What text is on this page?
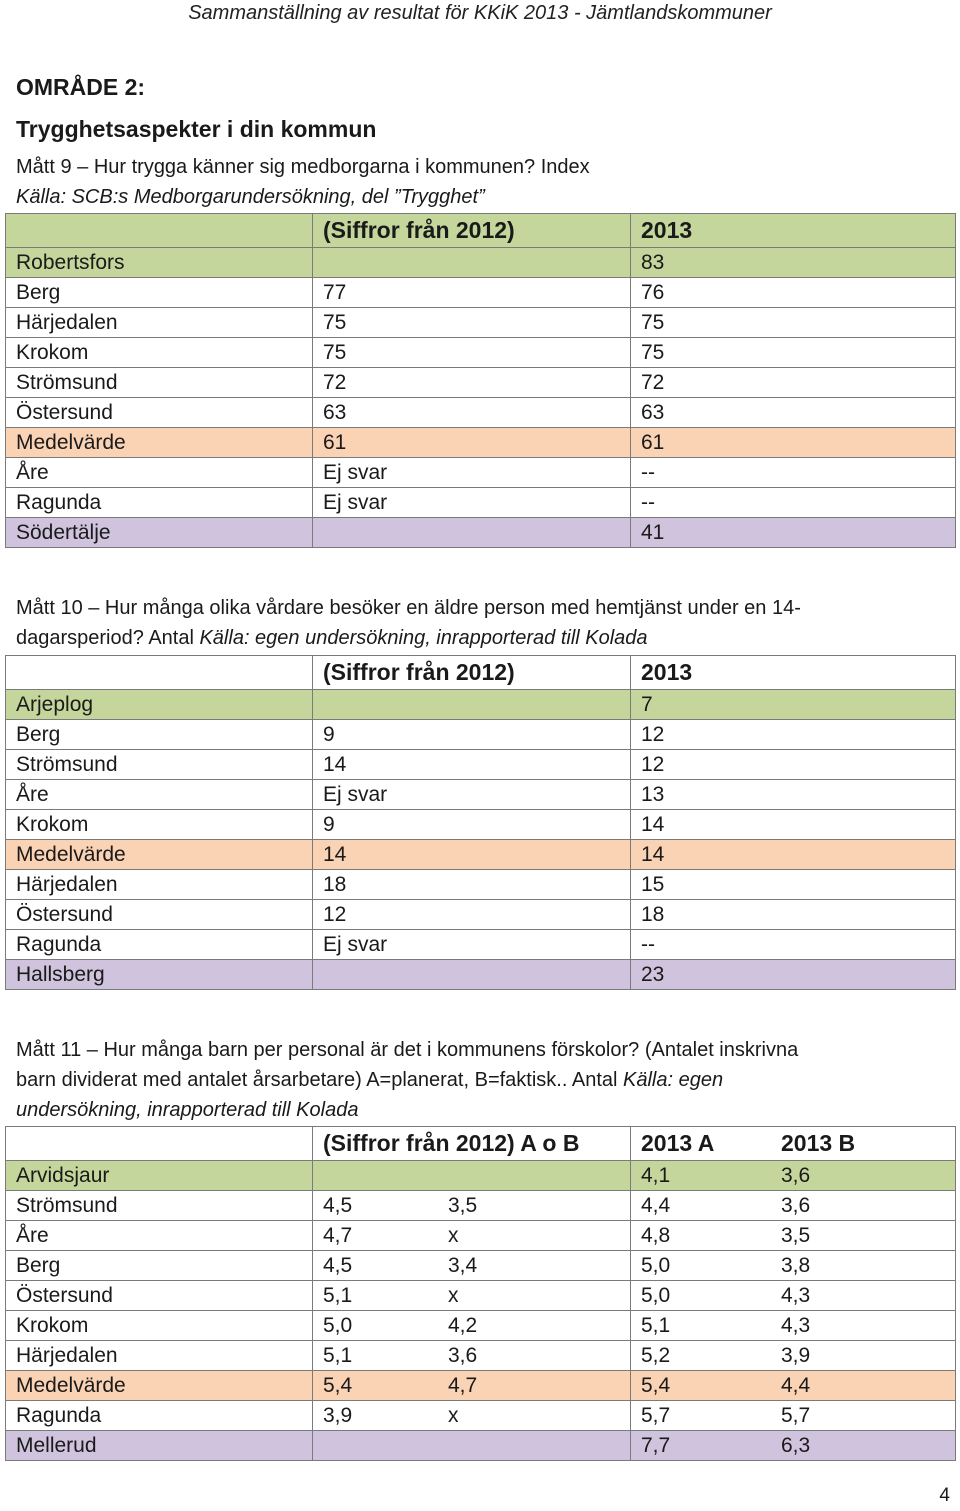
Sammanställning av resultat för KKiK 2013 - Jämtlandskommuner
OMRÅDE 2:
Trygghetsaspekter i din kommun
Mått 9 – Hur trygga känner sig medborgarna i kommunen? Index
Källa: SCB:s Medborgarundersökning, del ”Trygghet”
	(Siffror från 2012)	2013
Robertsfors		83
Berg	77	76
Härjedalen	75	75
Krokom	75	75
Strömsund	72	72
Östersund	63	63
Medelvärde	61	61
Åre	Ej svar	--
Ragunda	Ej svar	--
Södertälje		41
Mått 10 – Hur många olika vårdare besöker en äldre person med hemtjänst under en 14-
dagarsperiod? Antal Källa: egen undersökning, inrapporterad till Kolada
	(Siffror från 2012)	2013
Arjeplog		7
Berg	9	12
Strömsund	14	12
Åre	Ej svar	13
Krokom	9	14
Medelvärde	14	14
Härjedalen	18	15
Östersund	12	18
Ragunda	Ej svar	--
Hallsberg		23
Mått 11 – Hur många barn per personal är det i kommunens förskolor? (Antalet inskrivna
barn dividerat med antalet årsarbetare) A=planerat, B=faktisk.. Antal Källa: egen
undersökning, inrapporterad till Kolada
	(Siffror från 2012) A o B	2013 A 2013 B
Arvidsjaur		4,1 3,6
Strömsund	4,5 3,5	4,4 3,6
Åre	4,7 x	4,8 3,5
Berg	4,5 3,4	5,0 3,8
Östersund	5,1 x	5,0 4,3
Krokom	5,0 4,2	5,1 4,3
Härjedalen	5,1 3,6	5,2 3,9
Medelvärde	5,4 4,7	5,4 4,4
Ragunda	3,9 x	5,7 5,7
Mellerud		7,7 6,3
4
